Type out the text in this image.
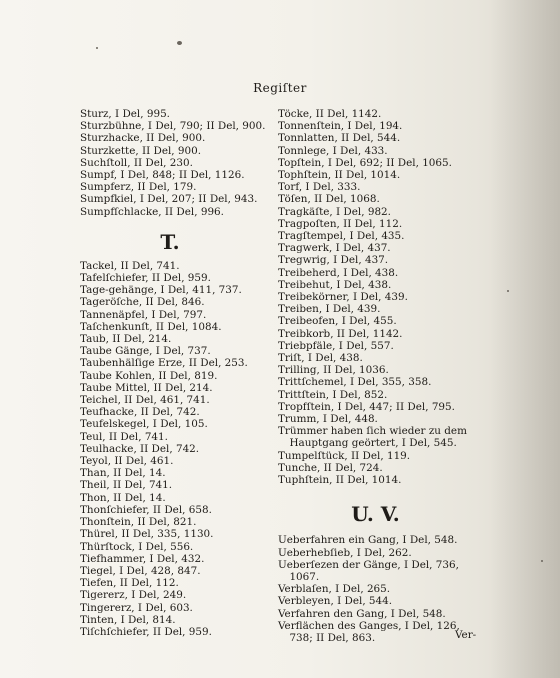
Regiſter
Sturz, I Del, 995.
Sturzbühne, I Del, 790; II Del, 900.
Sturzhacke, II Del, 900.
Sturzkette, II Del, 900.
Suchſtoll, II Del, 230.
Sumpf, I Del, 848; II Del, 1126.
Sumpferz, II Del, 179.
Sumpfkiel, I Del, 207; II Del, 943.
Sumpfſchlacke, II Del, 996.
T.
Tackel, II Del, 741.
Tafelſchiefer, II Del, 959.
Tage-gehänge, I Del, 411, 737.
Tageröſche, II Del, 846.
Tannenäpfel, I Del, 797.
Taſchenkunſt, II Del, 1084.
Taub, II Del, 214.
Taube Gänge, I Del, 737.
Taubenhälſige Erze, II Del, 253.
Taube Kohlen, II Del, 819.
Taube Mittel, II Del, 214.
Teichel, II Del, 461, 741.
Teufhacke, II Del, 742.
Teufelskegel, I Del, 105.
Teul, II Del, 741.
Teulhacke, II Del, 742.
Teyol, II Del, 461.
Than, II Del, 14.
Theil, II Del, 741.
Thon, II Del, 14.
Thonſchiefer, II Del, 658.
Thonſtein, II Del, 821.
Thürel, II Del, 335, 1130.
Thürſtock, I Del, 556.
Tiefhammer, I Del, 432.
Tiegel, I Del, 428, 847.
Tiefen, II Del, 112.
Tigererz, I Del, 249.
Tingererz, I Del, 603.
Tinten, I Del, 814.
Tiſchſchiefer, II Del, 959.
Töcke, II Del, 1142.
Tonnenſtein, I Del, 194.
Tonnlatten, II Del, 544.
Tonnlege, I Del, 433.
Topſtein, I Del, 692; II Del, 1065.
Tophſtein, II Del, 1014.
Torf, I Del, 333.
Töſen, II Del, 1068.
Tragkäſte, I Del, 982.
Tragpoſten, II Del, 112.
Tragſtempel, I Del, 435.
Tragwerk, I Del, 437.
Tregwrig, I Del, 437.
Treibeherd, I Del, 438.
Treibehut, I Del, 438.
Treibekörner, I Del, 439.
Treiben, I Del, 439.
Treibeofen, I Del, 455.
Treibkorb, II Del, 1142.
Triebpfäle, I Del, 557.
Triſt, I Del, 438.
Trilling, II Del, 1036.
Trittſchemel, I Del, 355, 358.
Trittſtein, I Del, 852.
Tropfſtein, I Del, 447; II Del, 795.
Trumm, I Del, 448.
Trümmer haben ſich wieder zu dem Hauptgang geörtert, I Del, 545.
Tumpelſtück, II Del, 119.
Tunche, II Del, 724.
Tuphſtein, II Del, 1014.
U. V.
Ueberfahren ein Gang, I Del, 548.
Ueberhebſieb, I Del, 262.
Ueberſezen der Gänge, I Del, 736, 1067.
Verblaſen, I Del, 265.
Verbleyen, I Del, 544.
Verfahren den Gang, I Del, 548.
Verflächen des Ganges, I Del, 126, 738; II Del, 863.	Ver-
